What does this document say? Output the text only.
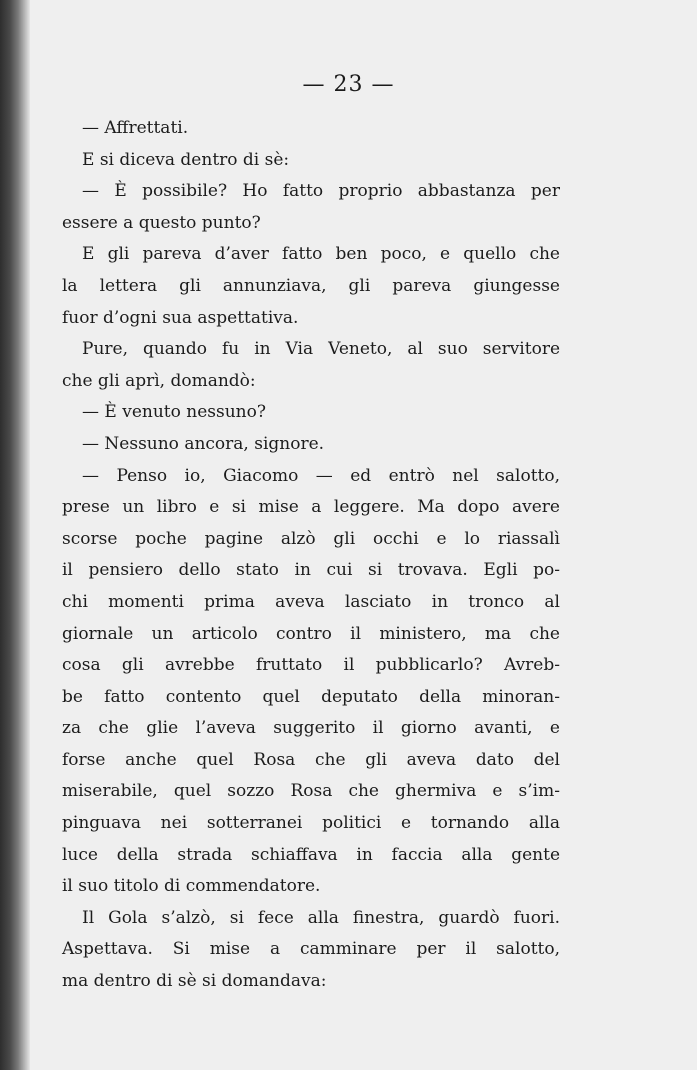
— 23 —
— Affrettati.
E si diceva dentro di sè:
— È possibile? Ho fatto proprio abbastanza per
essere a questo punto?
E gli pareva d’aver fatto ben poco, e quello che
la lettera gli annunziava, gli pareva giungesse
fuor d’ogni sua aspettativa.
Pure, quando fu in Via Veneto, al suo servitore
che gli aprì, domandò:
— È venuto nessuno?
— Nessuno ancora, signore.
— Penso io, Giacomo — ed entrò nel salotto,
prese un libro e si mise a leggere. Ma dopo avere
scorse poche pagine alzò gli occhi e lo riassalì
il pensiero dello stato in cui si trovava. Egli po-
chi momenti prima aveva lasciato in tronco al
giornale un articolo contro il ministero, ma che
cosa gli avrebbe fruttato il pubblicarlo? Avreb-
be fatto contento quel deputato della minoran-
za che glie l’aveva suggerito il giorno avanti, e
forse anche quel Rosa che gli aveva dato del
miserabile, quel sozzo Rosa che ghermiva e s’im-
pinguava nei sotterranei politici e tornando alla
luce della strada schiaffava in faccia alla gente
il suo titolo di commendatore.
Il Gola s’alzò, si fece alla finestra, guardò fuori.
Aspettava. Si mise a camminare per il salotto,
ma dentro di sè si domandava:
